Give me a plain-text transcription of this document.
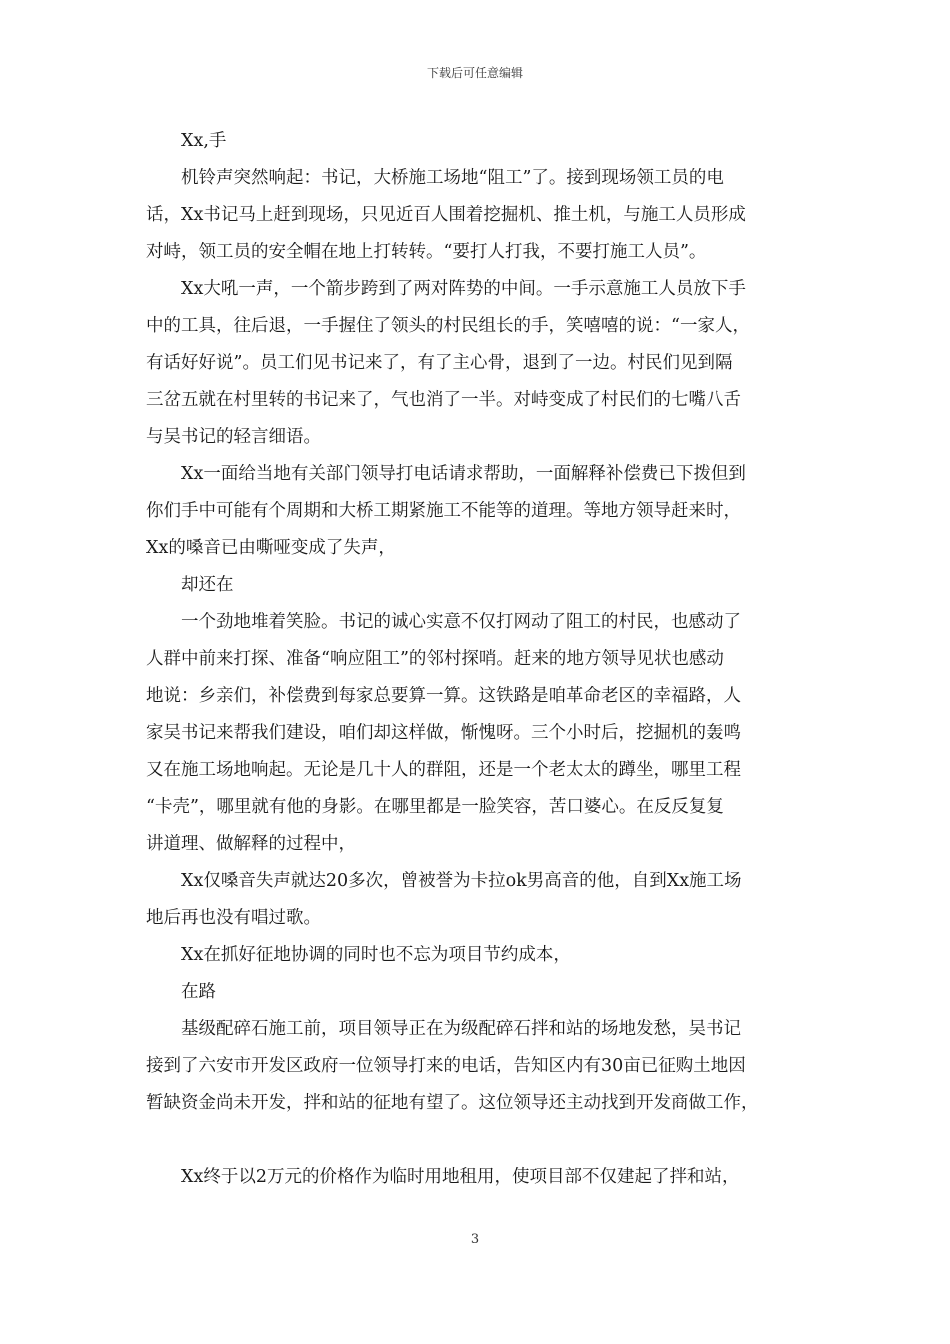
下载后可任意编辑
Xx,手
机铃声突然响起：书记，大桥施工场地“阻工”了。接到现场领工员的电
话，Xx书记马上赶到现场，只见近百人围着挖掘机、推土机，与施工人员形成
对峙，领工员的安全帽在地上打转转。“要打人打我，不要打施工人员”。
Xx大吼一声，一个箭步跨到了两对阵势的中间。一手示意施工人员放下手
中的工具，往后退，一手握住了领头的村民组长的手，笑嘻嘻的说：“一家人，
有话好好说”。员工们见书记来了，有了主心骨，退到了一边。村民们见到隔
三岔五就在村里转的书记来了，气也消了一半。对峙变成了村民们的七嘴八舌
与吴书记的轻言细语。
Xx一面给当地有关部门领导打电话请求帮助，一面解释补偿费已下拨但到
你们手中可能有个周期和大桥工期紧施工不能等的道理。等地方领导赶来时，
Xx的嗓音已由嘶哑变成了失声，
却还在
一个劲地堆着笑脸。书记的诚心实意不仅打网动了阻工的村民，也感动了
人群中前来打探、准备“响应阻工”的邻村探哨。赶来的地方领导见状也感动
地说：乡亲们，补偿费到每家总要算一算。这铁路是咱革命老区的幸福路，人
家吴书记来帮我们建设，咱们却这样做，惭愧呀。三个小时后，挖掘机的轰鸣
又在施工场地响起。无论是几十人的群阻，还是一个老太太的蹲坐，哪里工程
“卡壳”，哪里就有他的身影。在哪里都是一脸笑容，苦口婆心。在反反复复
讲道理、做解释的过程中，
Xx仅嗓音失声就达20多次，曾被誉为卡拉ok男高音的他，自到Xx施工场
地后再也没有唱过歌。
Xx在抓好征地协调的同时也不忘为项目节约成本，
在路
基级配碎石施工前，项目领导正在为级配碎石拌和站的场地发愁，吴书记
接到了六安市开发区政府一位领导打来的电话，告知区内有30亩已征购土地因
暂缺资金尚未开发，拌和站的征地有望了。这位领导还主动找到开发商做工作，
Xx终于以2万元的价格作为临时用地租用，使项目部不仅建起了拌和站，
3
